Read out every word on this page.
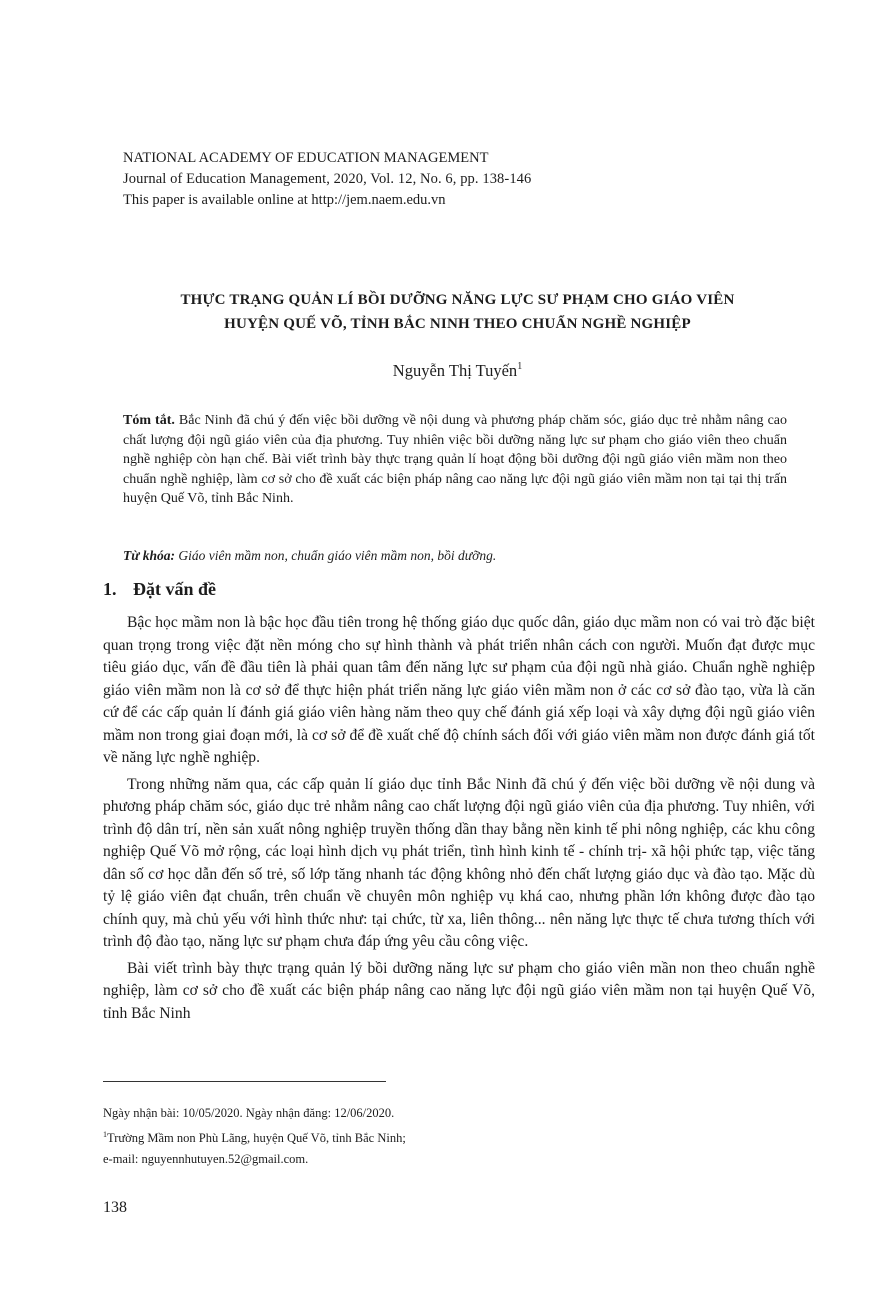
NATIONAL ACADEMY OF EDUCATION MANAGEMENT
Journal of Education Management, 2020, Vol. 12, No. 6, pp. 138-146
This paper is available online at http://jem.naem.edu.vn
THỰC TRẠNG QUẢN LÍ BỒI DƯỠNG NĂNG LỰC SƯ PHẠM CHO GIÁO VIÊN
HUYỆN QUẾ VÕ, TỈNH BẮC NINH THEO CHUẨN NGHỀ NGHIỆP
Nguyễn Thị Tuyến$^1$
Tóm tắt. Bắc Ninh đã chú ý đến việc bồi dưỡng về nội dung và phương pháp chăm sóc, giáo dục trẻ nhằm nâng cao chất lượng đội ngũ giáo viên của địa phương. Tuy nhiên việc bồi dưỡng năng lực sư phạm cho giáo viên theo chuẩn nghề nghiệp còn hạn chế. Bài viết trình bày thực trạng quản lí hoạt động bồi dưỡng đội ngũ giáo viên mầm non theo chuẩn nghề nghiệp, làm cơ sở cho đề xuất các biện pháp nâng cao năng lực đội ngũ giáo viên mầm non tại tại thị trấn huyện Quế Võ, tỉnh Bắc Ninh.
Từ khóa: Giáo viên mầm non, chuẩn giáo viên mầm non, bồi dưỡng.
1. Đặt vấn đề

Bậc học mầm non là bậc học đầu tiên trong hệ thống giáo dục quốc dân, giáo dục mầm non có vai trò đặc biệt quan trọng trong việc đặt nền móng cho sự hình thành và phát triển nhân cách con người. Muốn đạt được mục tiêu giáo dục, vấn đề đầu tiên là phải quan tâm đến năng lực sư phạm của đội ngũ nhà giáo. Chuẩn nghề nghiệp giáo viên mầm non là cơ sở để thực hiện phát triển năng lực giáo viên mầm non ở các cơ sở đào tạo, vừa là căn cứ để các cấp quản lí đánh giá giáo viên hàng năm theo quy chế đánh giá xếp loại và xây dựng đội ngũ giáo viên mầm non trong giai đoạn mới, là cơ sở để đề xuất chế độ chính sách đối với giáo viên mầm non được đánh giá tốt về năng lực nghề nghiệp.

Trong những năm qua, các cấp quản lí giáo dục tỉnh Bắc Ninh đã chú ý đến việc bồi dưỡng về nội dung và phương pháp chăm sóc, giáo dục trẻ nhằm nâng cao chất lượng đội ngũ giáo viên của địa phương. Tuy nhiên, với trình độ dân trí, nền sản xuất nông nghiệp truyền thống dần thay bằng nền kinh tế phi nông nghiệp, các khu công nghiệp Quế Võ mở rộng, các loại hình dịch vụ phát triển, tình hình kinh tế - chính trị- xã hội phức tạp, việc tăng dân số cơ học dẫn đến số trẻ, số lớp tăng nhanh tác động không nhỏ đến chất lượng giáo dục và đào tạo. Mặc dù tỷ lệ giáo viên đạt chuẩn, trên chuẩn về chuyên môn nghiệp vụ khá cao, nhưng phần lớn không được đào tạo chính quy, mà chủ yếu với hình thức như: tại chức, từ xa, liên thông... nên năng lực thực tế chưa tương thích với trình độ đào tạo, năng lực sư phạm chưa đáp ứng yêu cầu công việc.

Bài viết trình bày thực trạng quản lý bồi dưỡng năng lực sư phạm cho giáo viên mần non theo chuẩn nghề nghiệp, làm cơ sở cho đề xuất các biện pháp nâng cao năng lực đội ngũ giáo viên mầm non tại huyện Quế Võ, tỉnh Bắc Ninh

Ngày nhận bài: 10/05/2020. Ngày nhận đăng: 12/06/2020.
$^1$Trường Mầm non Phù Lãng, huyện Quế Võ, tỉnh Bắc Ninh;
e-mail: nguyennhutuyen.52@gmail.com.
138
